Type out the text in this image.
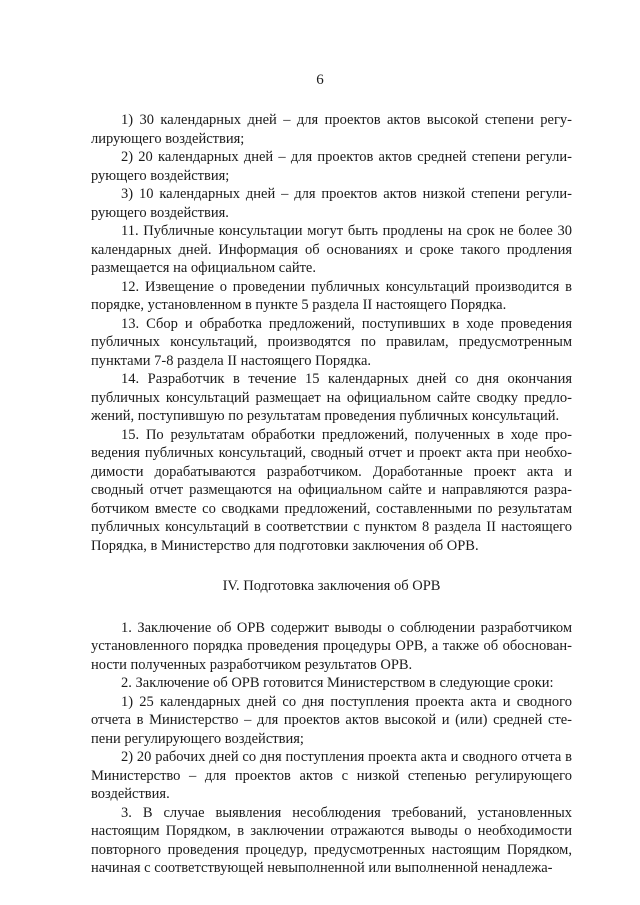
6

1) 30 календарных дней – для проектов актов высокой степени регулирующего воздействия;

2) 20 календарных дней – для проектов актов средней степени регулирующего воздействия;

3) 10 календарных дней – для проектов актов низкой степени регулирующего воздействия.

11. Публичные консультации могут быть продлены на срок не более 30 календарных дней. Информация об основаниях и сроке такого продления размещается на официальном сайте.

12. Извещение о проведении публичных консультаций производится в порядке, установленном в пункте 5 раздела II настоящего Порядка.

13. Сбор и обработка предложений, поступивших в ходе проведения публичных консультаций, производятся по правилам, предусмотренным пунктами 7-8 раздела II настоящего Порядка.

14. Разработчик в течение 15 календарных дней со дня окончания публичных консультаций размещает на официальном сайте сводку предложений, поступившую по результатам проведения публичных консультаций.

15. По результатам обработки предложений, полученных в ходе проведения публичных консультаций, сводный отчет и проект акта при необходимости дорабатываются разработчиком. Доработанные проект акта и сводный отчет размещаются на официальном сайте и направляются разработчиком вместе со сводками предложений, составленными по результатам публичных консультаций в соответствии с пунктом 8 раздела II настоящего Порядка, в Министерство для подготовки заключения об ОРВ.

IV. Подготовка заключения об ОРВ

1. Заключение об ОРВ содержит выводы о соблюдении разработчиком установленного порядка проведения процедуры ОРВ, а также об обоснованности полученных разработчиком результатов ОРВ.

2. Заключение об ОРВ готовится Министерством в следующие сроки:

1) 25 календарных дней со дня поступления проекта акта и сводного отчета в Министерство – для проектов актов высокой и (или) средней степени регулирующего воздействия;

2) 20 рабочих дней со дня поступления проекта акта и сводного отчета в Министерство – для проектов актов с низкой степенью регулирующего воздействия.

3. В случае выявления несоблюдения требований, установленных настоящим Порядком, в заключении отражаются выводы о необходимости повторного проведения процедур, предусмотренных настоящим Порядком, начиная с соответствующей невыполненной или выполненной ненадлежа-
